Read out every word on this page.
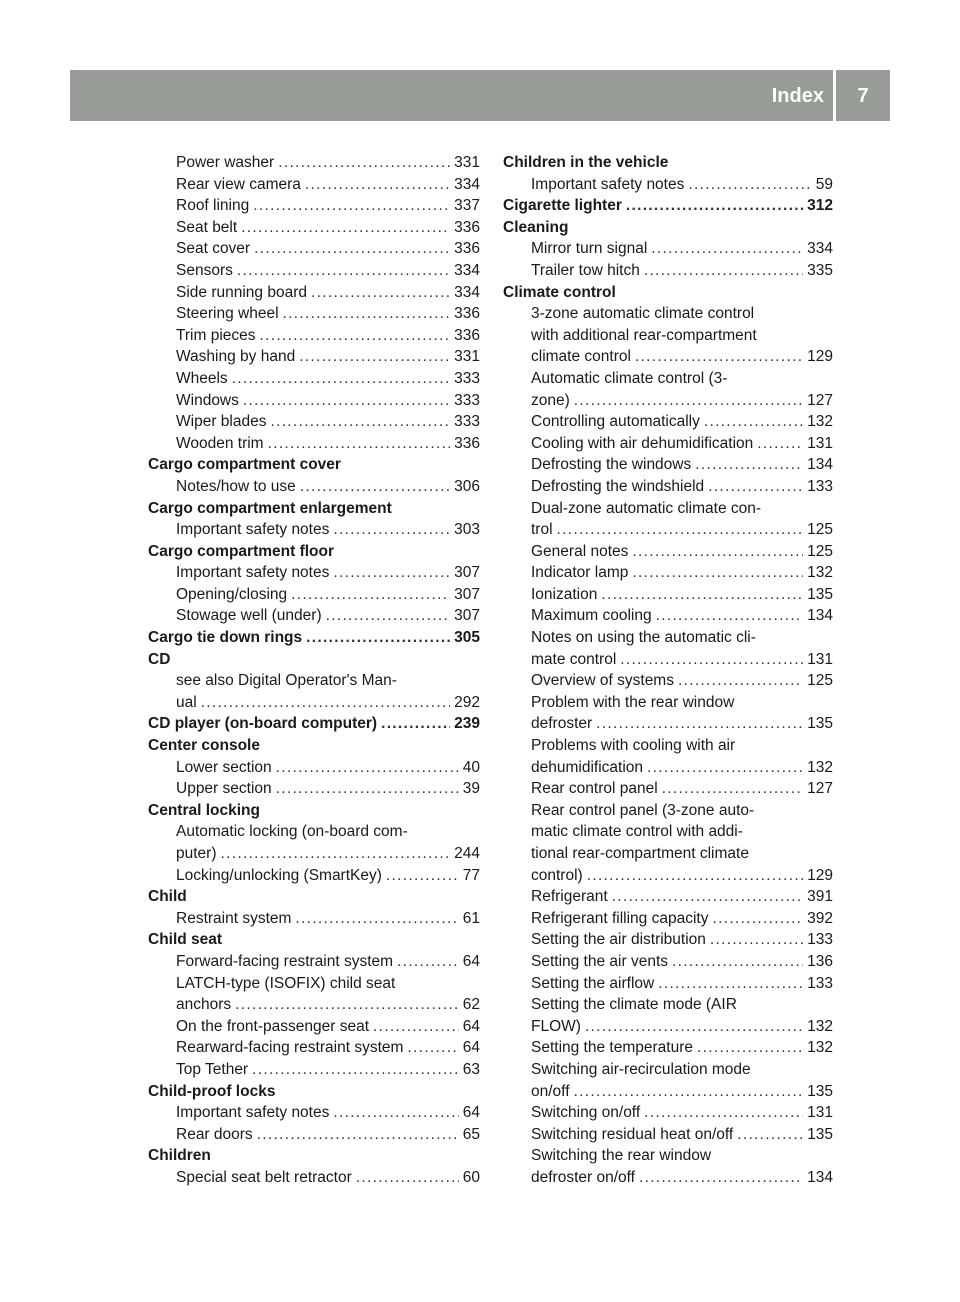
Index	7
Power washer . . .	331
Rear view camera . . .	334
Roof lining . . .	337
Seat belt . . .	336
Seat cover . . .	336
Sensors . . .	334
Side running board . . .	334
Steering wheel . . .	336
Trim pieces . . .	336
Washing by hand . . .	331
Wheels . . .	333
Windows . . .	333
Wiper blades . . .	333
Wooden trim . . .	336
Cargo compartment cover
Notes/how to use . . .	306
Cargo compartment enlargement
Important safety notes . . .	303
Cargo compartment floor
Important safety notes . . .	307
Opening/closing . . .	307
Stowage well (under) . . .	307
Cargo tie down rings . . .	305
CD
see also Digital Operator's Man-
ual . . .	292
CD player (on-board computer) . . .	239
Center console
Lower section . . .	40
Upper section . . .	39
Central locking
Automatic locking (on-board com-
puter) . . .	244
Locking/unlocking (SmartKey) . . .	77
Child
Restraint system . . .	61
Child seat
Forward-facing restraint system . . .	64
LATCH-type (ISOFIX) child seat
anchors . . .	62
On the front-passenger seat . . .	64
Rearward-facing restraint system . . .	64
Top Tether . . .	63
Child-proof locks
Important safety notes . . .	64
Rear doors . . .	65
Children
Special seat belt retractor . . .	60
Children in the vehicle
Important safety notes . . .	59
Cigarette lighter . . .	312
Cleaning
Mirror turn signal . . .	334
Trailer tow hitch . . .	335
Climate control
3-zone automatic climate control
with additional rear-compartment
climate control . . .	129
Automatic climate control (3-
zone) . . .	127
Controlling automatically . . .	132
Cooling with air dehumidification . . .	131
Defrosting the windows . . .	134
Defrosting the windshield . . .	133
Dual-zone automatic climate con-
trol . . .	125
General notes . . .	125
Indicator lamp . . .	132
Ionization . . .	135
Maximum cooling . . .	134
Notes on using the automatic cli-
mate control . . .	131
Overview of systems . . .	125
Problem with the rear window
defroster . . .	135
Problems with cooling with air
dehumidification . . .	132
Rear control panel . . .	127
Rear control panel (3-zone auto-
matic climate control with addi-
tional rear-compartment climate
control) . . .	129
Refrigerant . . .	391
Refrigerant filling capacity . . .	392
Setting the air distribution . . .	133
Setting the air vents . . .	136
Setting the airflow . . .	133
Setting the climate mode (AIR
FLOW) . . .	132
Setting the temperature . . .	132
Switching air-recirculation mode
on/off . . .	135
Switching on/off . . .	131
Switching residual heat on/off . . .	135
Switching the rear window
defroster on/off . . .	134
